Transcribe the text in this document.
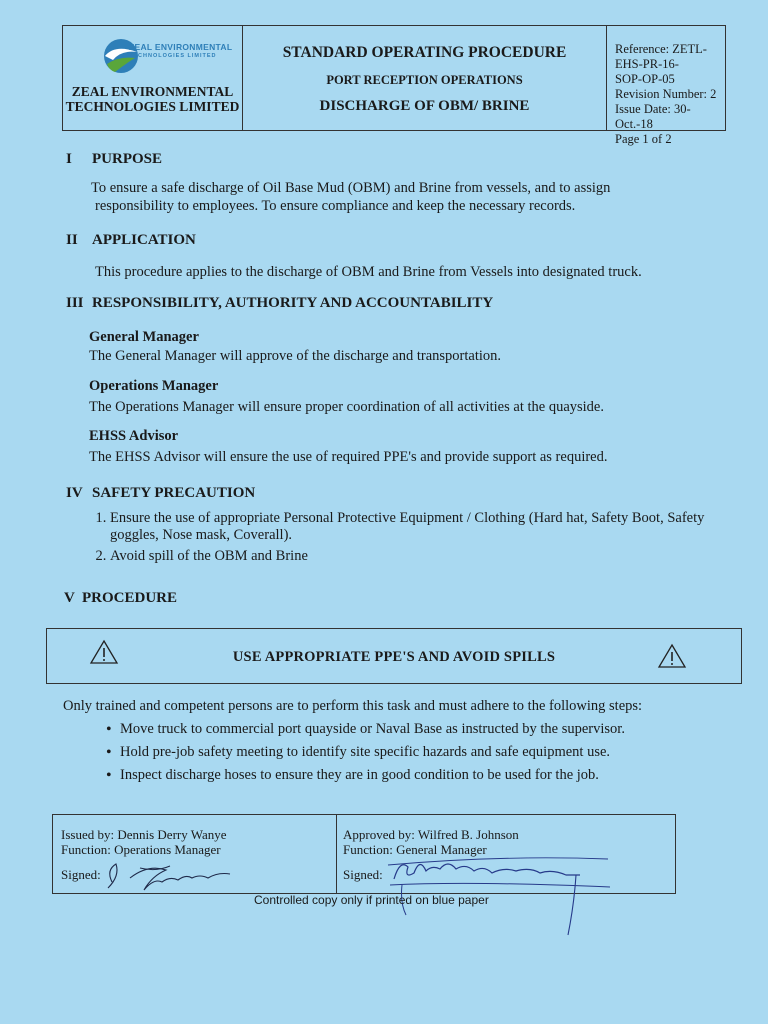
ZEAL ENVIRONMENTAL
TECHNOLOGIES LIMITED
ZEAL ENVIRONMENTAL
TECHNOLOGIES LIMITED
STANDARD OPERATING PROCEDURE
PORT RECEPTION OPERATIONS
DISCHARGE OF OBM/ BRINE
Reference: ZETL-EHS-PR-16-
SOP-OP-05
Revision Number: 2
Issue Date: 30-Oct.-18
Page 1 of 2
I PURPOSE
To ensure a safe discharge of Oil Base Mud (OBM) and Brine from vessels, and to assign
responsibility to employees. To ensure compliance and keep the necessary records.
II APPLICATION
This procedure applies to the discharge of OBM and Brine from Vessels into designated truck.
III RESPONSIBILITY, AUTHORITY AND ACCOUNTABILITY
General Manager
The General Manager will approve of the discharge and transportation.
Operations Manager
The Operations Manager will ensure proper coordination of all activities at the quayside.
EHSS Advisor
The EHSS Advisor will ensure the use of required PPE's and provide support as required.
IV SAFETY PRECAUTION
1. Ensure the use of appropriate Personal Protective Equipment / Clothing (Hard hat, Safety Boot, Safety goggles, Nose mask, Coverall).
2. Avoid spill of the OBM and Brine
V PROCEDURE
USE APPROPRIATE PPE'S AND AVOID SPILLS
Only trained and competent persons are to perform this task and must adhere to the following steps:
• Move truck to commercial port quayside or Naval Base as instructed by the supervisor.
• Hold pre-job safety meeting to identify site specific hazards and safe equipment use.
• Inspect discharge hoses to ensure they are in good condition to be used for the job.
Issued by: Dennis Derry Wanye
Function: Operations Manager
Signed:
Approved by: Wilfred B. Johnson
Function: General Manager
Signed:
Controlled copy only if printed on blue paper
